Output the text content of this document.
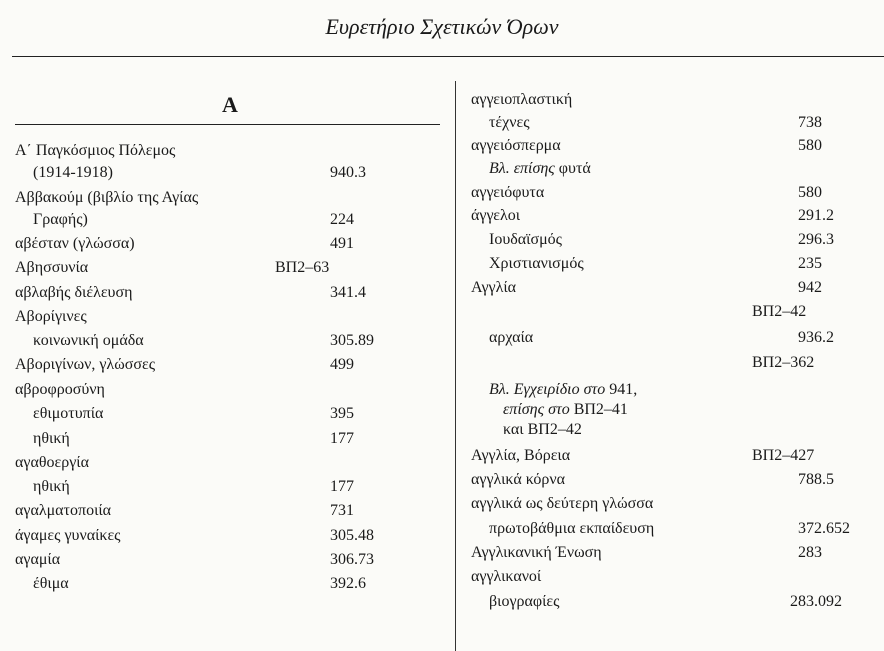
Ευρετήριο Σχετικών Όρων
A
Α΄ Παγκόσμιος Πόλεμος
(1914-1918)	940.3
Αββακούμ (βιβλίο της Αγίας
Γραφής)	224
αβέσταν (γλώσσα)	491
Αβησσυνία	ΒΠ2–63
αβλαβής διέλευση	341.4
Αβορίγινες
κοινωνική ομάδα	305.89
Αβοριγίνων, γλώσσες	499
αβροφροσύνη
εθιμοτυπία	395
ηθική	177
αγαθοεργία
ηθική	177
αγαλματοποιία	731
άγαμες γυναίκες	305.48
αγαμία	306.73
έθιμα	392.6
αγγειοπλαστική
τέχνες	738
αγγειόσπερμα	580
Βλ. επίσης φυτά
αγγειόφυτα	580
άγγελοι	291.2
Ιουδαϊσμός	296.3
Χριστιανισμός	235
Αγγλία	942
ΒΠ2–42
αρχαία	936.2
ΒΠ2–362
Βλ. Εγχειρίδιο στο 941,
επίσης στο ΒΠ2–41
και ΒΠ2–42
Αγγλία, Βόρεια	ΒΠ2–427
αγγλικά κόρνα	788.5
αγγλικά ως δεύτερη γλώσσα
πρωτοβάθμια εκπαίδευση	372.652
Αγγλικανική Ένωση	283
αγγλικανοί
βιογραφίες	283.092
